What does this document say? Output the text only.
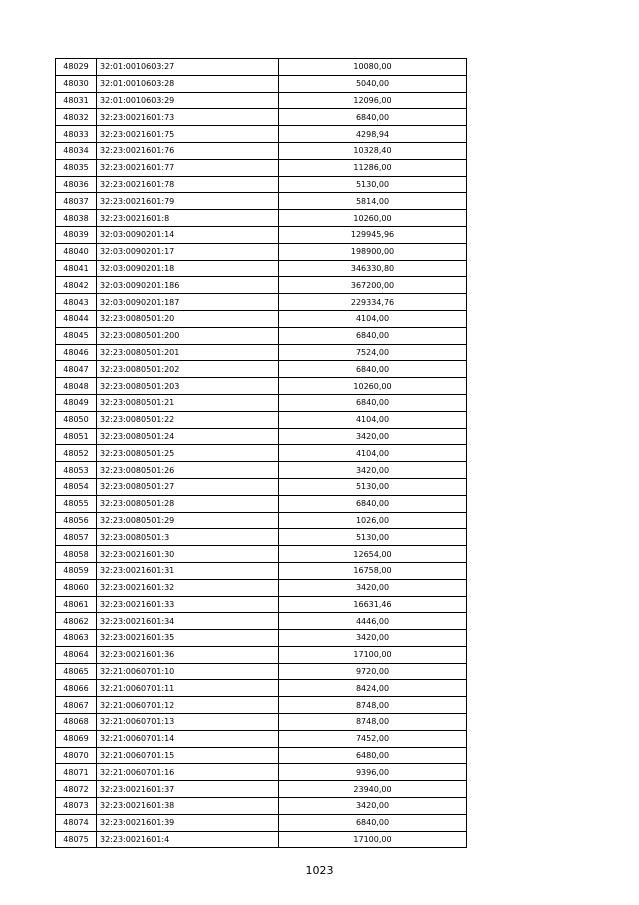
48029	32:01:0010603:27	10080,00
48030	32:01:0010603:28	5040,00
48031	32:01:0010603:29	12096,00
48032	32:23:0021601:73	6840,00
48033	32:23:0021601:75	4298,94
48034	32:23:0021601:76	10328,40
48035	32:23:0021601:77	11286,00
48036	32:23:0021601:78	5130,00
48037	32:23:0021601:79	5814,00
48038	32:23:0021601:8	10260,00
48039	32:03:0090201:14	129945,96
48040	32:03:0090201:17	198900,00
48041	32:03:0090201:18	346330,80
48042	32:03:0090201:186	367200,00
48043	32:03:0090201:187	229334,76
48044	32:23:0080501:20	4104,00
48045	32:23:0080501:200	6840,00
48046	32:23:0080501:201	7524,00
48047	32:23:0080501:202	6840,00
48048	32:23:0080501:203	10260,00
48049	32:23:0080501:21	6840,00
48050	32:23:0080501:22	4104,00
48051	32:23:0080501:24	3420,00
48052	32:23:0080501:25	4104,00
48053	32:23:0080501:26	3420,00
48054	32:23:0080501:27	5130,00
48055	32:23:0080501:28	6840,00
48056	32:23:0080501:29	1026,00
48057	32:23:0080501:3	5130,00
48058	32:23:0021601:30	12654,00
48059	32:23:0021601:31	16758,00
48060	32:23:0021601:32	3420,00
48061	32:23:0021601:33	16631,46
48062	32:23:0021601:34	4446,00
48063	32:23:0021601:35	3420,00
48064	32:23:0021601:36	17100,00
48065	32:21:0060701:10	9720,00
48066	32:21:0060701:11	8424,00
48067	32:21:0060701:12	8748,00
48068	32:21:0060701:13	8748,00
48069	32:21:0060701:14	7452,00
48070	32:21:0060701:15	6480,00
48071	32:21:0060701:16	9396,00
48072	32:23:0021601:37	23940,00
48073	32:23:0021601:38	3420,00
48074	32:23:0021601:39	6840,00
48075	32:23:0021601:4	17100,00
1023
